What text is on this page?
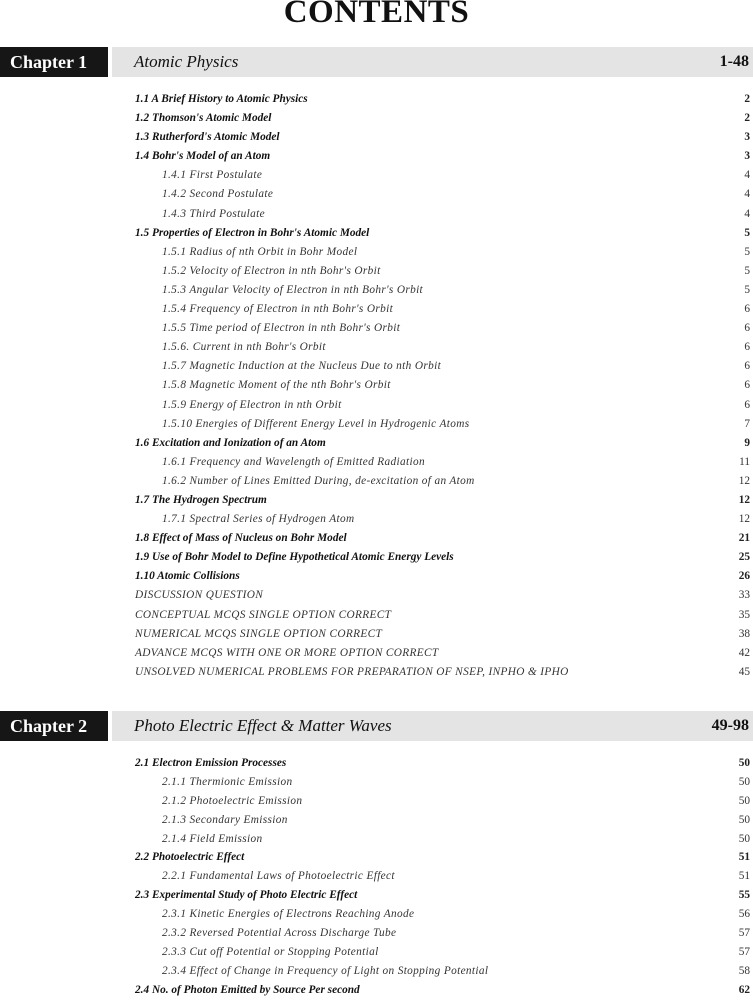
CONTENTS
Chapter 1	Atomic Physics	1-48
1.1 A Brief History to Atomic Physics	2
1.2 Thomson's Atomic Model	2
1.3 Rutherford's Atomic Model	3
1.4 Bohr's Model of an Atom	3
1.4.1 First Postulate	4
1.4.2 Second Postulate	4
1.4.3 Third Postulate	4
1.5 Properties of Electron in Bohr's Atomic Model	5
1.5.1 Radius of nth Orbit in Bohr Model	5
1.5.2 Velocity of Electron in nth Bohr's Orbit	5
1.5.3 Angular Velocity of Electron in nth Bohr's Orbit	5
1.5.4 Frequency of Electron in nth Bohr's Orbit	6
1.5.5 Time period of Electron in nth Bohr's Orbit	6
1.5.6. Current in nth Bohr's Orbit	6
1.5.7 Magnetic Induction at the Nucleus Due to nth Orbit	6
1.5.8 Magnetic Moment of the nth Bohr's Orbit	6
1.5.9 Energy of Electron in nth Orbit	6
1.5.10 Energies of Different Energy Level in Hydrogenic Atoms	7
1.6 Excitation and Ionization of an Atom	9
1.6.1 Frequency and Wavelength of Emitted Radiation	11
1.6.2 Number of Lines Emitted During, de-excitation of an Atom	12
1.7 The Hydrogen Spectrum	12
1.7.1 Spectral Series of Hydrogen Atom	12
1.8 Effect of Mass of Nucleus on Bohr Model	21
1.9 Use of Bohr Model to Define Hypothetical Atomic Energy Levels	25
1.10 Atomic Collisions	26
DISCUSSION QUESTION	33
CONCEPTUAL MCQS SINGLE OPTION CORRECT	35
NUMERICAL MCQS SINGLE OPTION CORRECT	38
ADVANCE MCQS WITH ONE OR MORE OPTION CORRECT	42
UNSOLVED NUMERICAL PROBLEMS FOR PREPARATION OF NSEP, INPHO & IPHO	45
Chapter 2	Photo Electric Effect & Matter Waves	49-98
2.1 Electron Emission Processes	50
2.1.1 Thermionic Emission	50
2.1.2 Photoelectric Emission	50
2.1.3 Secondary Emission	50
2.1.4 Field Emission	50
2.2 Photoelectric Effect	51
2.2.1 Fundamental Laws of Photoelectric Effect	51
2.3 Experimental Study of Photo Electric Effect	55
2.3.1 Kinetic Energies of Electrons Reaching Anode	56
2.3.2 Reversed Potential Across Discharge Tube	57
2.3.3 Cut off Potential or Stopping Potential	57
2.3.4 Effect of Change in Frequency of Light on Stopping Potential	58
2.4 No. of Photon Emitted by Source Per second	62
